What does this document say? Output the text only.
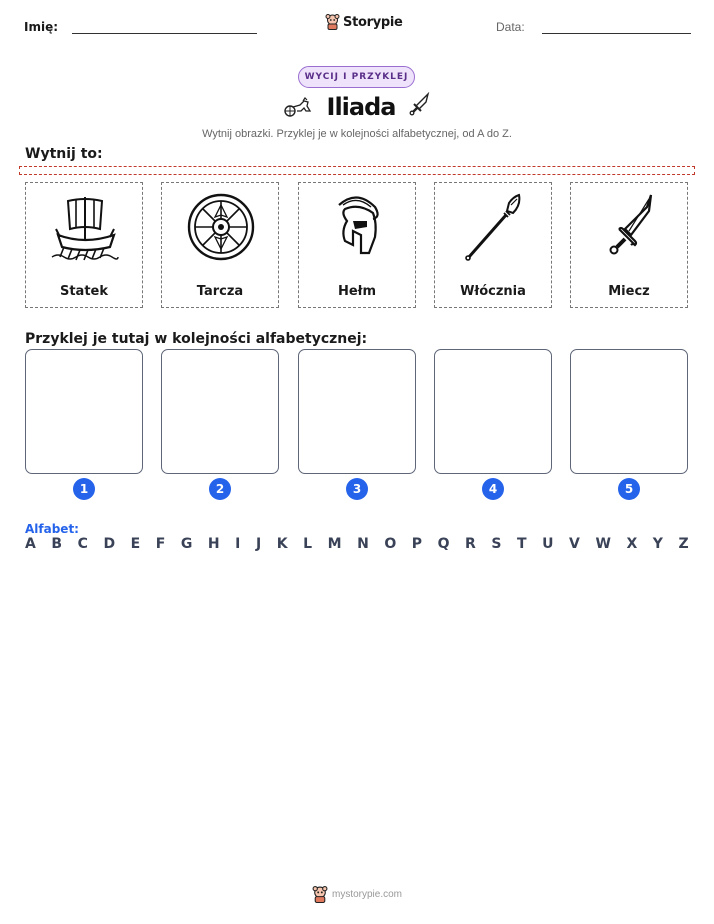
Imię:	Storypie	Data:
WYCIJ I PRZYKLEJ
Iliada
Wytnij obrazki. Przyklej je w kolejności alfabetycznej, od A do Z.
Wytnij to:
Statek	Tarcza	Hełm	Włócznia	Miecz
Przyklej je tutaj w kolejności alfabetycznej:
1	2	3	4	5
Alfabet:
A B C D E F G H I J K L M N O P Q R S T U V W X Y Z
mystorypie.com
